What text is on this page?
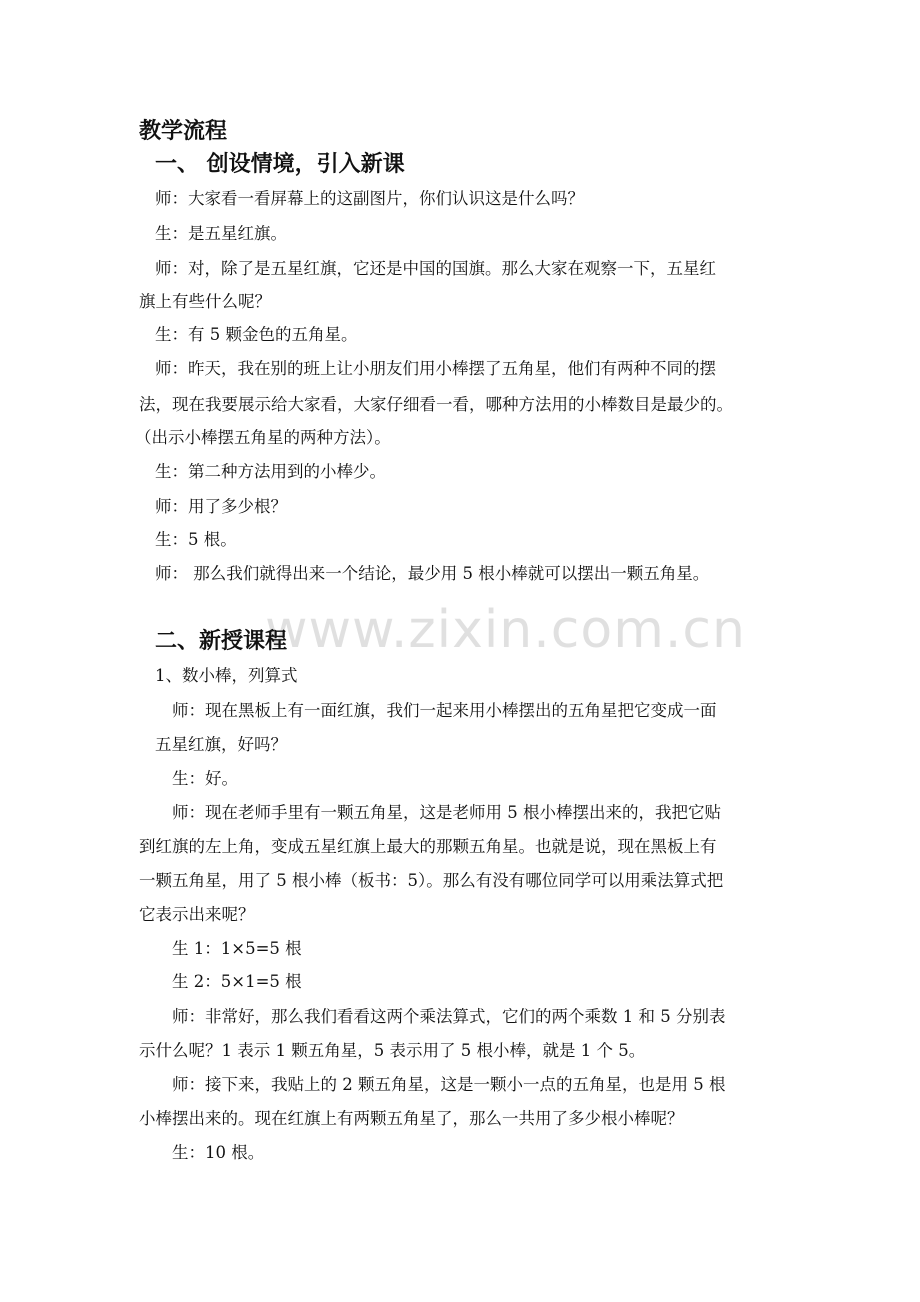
教学流程
一、 创设情境，引入新课
师：大家看一看屏幕上的这副图片，你们认识这是什么吗？
生：是五星红旗。
师：对，除了是五星红旗，它还是中国的国旗。那么大家在观察一下，五星红
旗上有些什么呢？
生：有 5 颗金色的五角星。
师：昨天，我在别的班上让小朋友们用小棒摆了五角星，他们有两种不同的摆
法，现在我要展示给大家看，大家仔细看一看，哪种方法用的小棒数目是最少的。
（出示小棒摆五角星的两种方法）。
生：第二种方法用到的小棒少。
师：用了多少根？
生：5 根。
师： 那么我们就得出来一个结论，最少用 5 根小棒就可以摆出一颗五角星。
www.zixin.com.cn
二、新授课程
1、数小棒，列算式
师：现在黑板上有一面红旗，我们一起来用小棒摆出的五角星把它变成一面
五星红旗，好吗？
生：好。
师：现在老师手里有一颗五角星，这是老师用 5 根小棒摆出来的，我把它贴
到红旗的左上角，变成五星红旗上最大的那颗五角星。也就是说，现在黑板上有
一颗五角星，用了 5 根小棒（板书：5）。那么有没有哪位同学可以用乘法算式把
它表示出来呢？
生 1：1×5=5 根
生 2：5×1=5 根
师：非常好，那么我们看看这两个乘法算式，它们的两个乘数 1 和 5 分别表
示什么呢？1 表示 1 颗五角星，5 表示用了 5 根小棒，就是 1 个 5。
师：接下来，我贴上的 2 颗五角星，这是一颗小一点的五角星，也是用 5 根
小棒摆出来的。现在红旗上有两颗五角星了，那么一共用了多少根小棒呢？
生：10 根。
